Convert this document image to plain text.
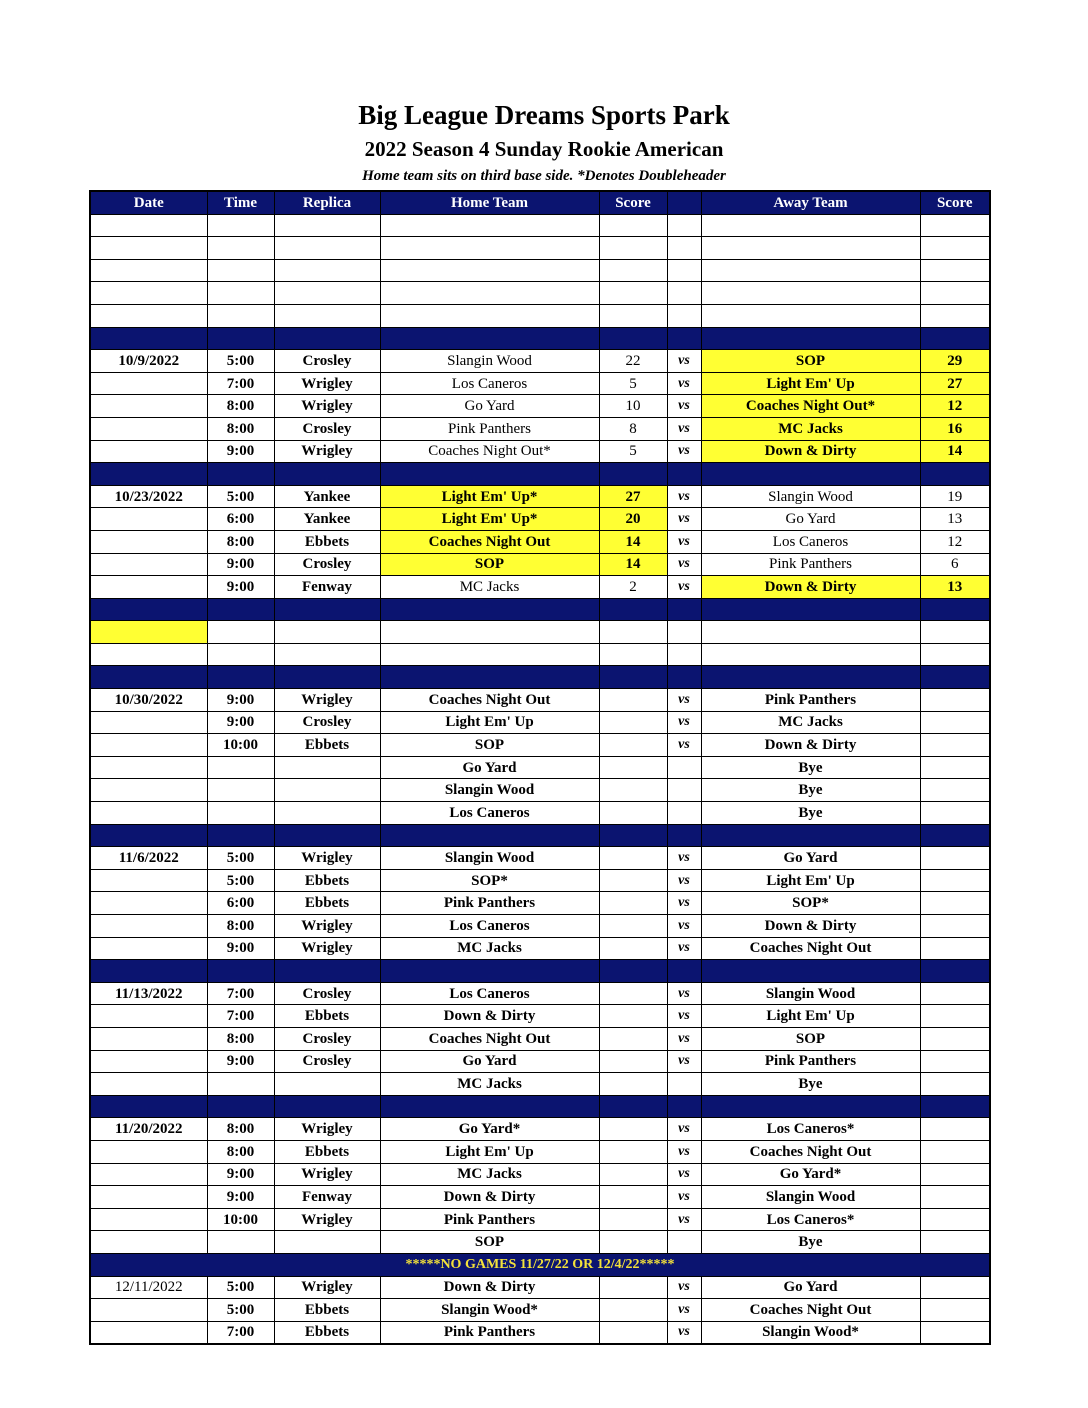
Big League Dreams Sports Park
2022 Season 4 Sunday Rookie American
Home team sits on third base side. *Denotes Doubleheader
Date	Time	Replica	Home Team	Score		Away Team	Score

10/9/2022	5:00	Crosley	Slangin Wood	22	vs	SOP	29
	7:00	Wrigley	Los Caneros	5	vs	Light Em' Up	27
	8:00	Wrigley	Go Yard	10	vs	Coaches Night Out*	12
	8:00	Crosley	Pink Panthers	8	vs	MC Jacks	16
	9:00	Wrigley	Coaches Night Out*	5	vs	Down & Dirty	14

10/23/2022	5:00	Yankee	Light Em' Up*	27	vs	Slangin Wood	19
	6:00	Yankee	Light Em' Up*	20	vs	Go Yard	13
	8:00	Ebbets	Coaches Night Out	14	vs	Los Caneros	12
	9:00	Crosley	SOP	14	vs	Pink Panthers	6
	9:00	Fenway	MC Jacks	2	vs	Down & Dirty	13

10/30/2022	9:00	Wrigley	Coaches Night Out		vs	Pink Panthers	
	9:00	Crosley	Light Em' Up		vs	MC Jacks	
	10:00	Ebbets	SOP		vs	Down & Dirty	
			Go Yard			Bye	
			Slangin Wood			Bye	
			Los Caneros			Bye	

11/6/2022	5:00	Wrigley	Slangin Wood		vs	Go Yard	
	5:00	Ebbets	SOP*		vs	Light Em' Up	
	6:00	Ebbets	Pink Panthers		vs	SOP*	
	8:00	Wrigley	Los Caneros		vs	Down & Dirty	
	9:00	Wrigley	MC Jacks		vs	Coaches Night Out	

11/13/2022	7:00	Crosley	Los Caneros		vs	Slangin Wood	
	7:00	Ebbets	Down & Dirty		vs	Light Em' Up	
	8:00	Crosley	Coaches Night Out		vs	SOP	
	9:00	Crosley	Go Yard		vs	Pink Panthers	
			MC Jacks			Bye	

11/20/2022	8:00	Wrigley	Go Yard*		vs	Los Caneros*	
	8:00	Ebbets	Light Em' Up		vs	Coaches Night Out	
	9:00	Wrigley	MC Jacks		vs	Go Yard*	
	9:00	Fenway	Down & Dirty		vs	Slangin Wood	
	10:00	Wrigley	Pink Panthers		vs	Los Caneros*	
			SOP			Bye	
*****NO GAMES 11/27/22 OR 12/4/22*****							
12/11/2022	5:00	Wrigley	Down & Dirty		vs	Go Yard	
	5:00	Ebbets	Slangin Wood*		vs	Coaches Night Out	
	7:00	Ebbets	Pink Panthers		vs	Slangin Wood*	
